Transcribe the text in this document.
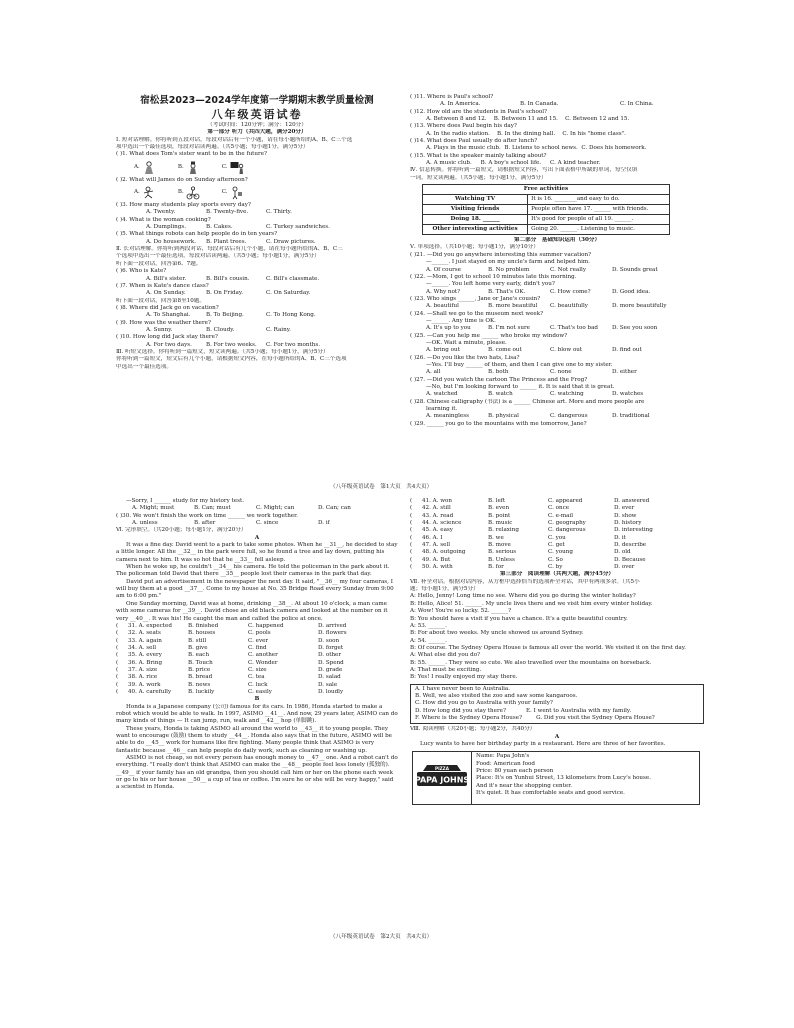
宿松县2023—2024学年度第一学期期末教学质量检测
八年级英语试卷
（考试时间：120分钟；满分：120分）
第一部分 听力（共四大题，满分20分）
Ⅰ. 短对话理解。你将听到五段对话，每段对话后有一个小题，请在每小题所给的A、B、C三个选
项中选出一个最佳选项，每段对话读两遍。（共5小题；每小题1分，满分5分）
( )1. What does Tom's sister want to be in the future?
A.	B.	C.
( )2. What will James do on Sunday afternoon?
A.	B.	C.
( )3. How many students play sports every day?
A. Twenty.	B. Twenty-five.	C. Thirty.
( )4. What is the woman cooking?
A. Dumplings.	B. Cakes.	C. Turkey sandwiches.
( )5. What things robots can help people do in ten years?
A. Do housework.	B. Plant trees.	C. Draw pictures.
Ⅱ. 长对话理解。你将听到两段对话，每段对话后有几个小题，请在每小题所给的A、B、C三
个选项中选出一个最佳选项，每段对话读两遍。（共5小题；每小题1分，满分5分）
听下面一段对话，回答第6、7题。
( )6. Who is Kate?
A. Bill's sister.	B. Bill's cousin.	C. Bill's classmate.
( )7. When is Kate's dance class?
A. On Sunday.	B. On Friday.	C. On Saturday.
听下面一段对话，回答第8至10题。
( )8. Where did Jack go on vacation?
A. To Shanghai.	B. To Beijing.	C. To Hong Kong.
( )9. How was the weather there?
A. Sunny.	B. Cloudy.	C. Rainy.
( )10. How long did Jack stay there?
A. For two days.	B. For two weeks.	C. For two months.
Ⅲ. 听短文选择。你将听到一篇短文，短文读两遍。（共5小题；每小题1分，满分5分）
你将听到一篇短文，短文后有几个小题，请根据短文内容，在每小题所给的A、B、C三个选项
中选出一个最佳选项。
( )11. Where is Paul's school?
A. In America.	B. In Canada.	C. In China.
( )12. How old are the students in Paul's school?
A. Between 8 and 12. B. Between 11 and 15. C. Between 12 and 15.
( )13. Where does Paul begin his day?
A. In the radio station. B. In the dining hall. C. In his "home class".
( )14. What does Paul usually do after lunch?
A. Plays in the music club. B. Listens to school news. C. Does his homework.
( )15. What is the speaker mainly talking about?
A. A music club. B. A boy's school life. C. A kind teacher.
Ⅳ. 信息转换。你将听到一篇短文，请根据短文内容，写出下面表格中所缺的单词，每空仅填
一词。短文读两遍。（共5小题；每小题1分，满分5分）
Free activities	
Watching TV	It is 16. ________and easy to do.
Visiting friends	People often have 17. ______ with friends.
Doing 18. ______	It's good for people of all 19. ______.
Other interesting activities	Going 20. ______. Listening to music.
第二部分　基础知识运用（30分）
Ⅴ. 单项选择。（共10小题；每小题1分，满分10分）
( )21. —Did you go anywhere interesting this summer vacation?
—______. I just stayed on my uncle's farm and helped him.
A. Of course	B. No problem	C. Not really	D. Sounds great
( )22. —Mom, I got to school 10 minutes late this morning.
—______. You left home very early, didn't you?
A. Why not?	B. That's OK.	C. How come?	D. Good idea.
( )23. Who sings ______, Jane or Jane's cousin?
A. beautiful	B. more beautiful	C. beautifully	D. more beautifully
( )24. —Shall we go to the museum next week?
—______. Any time is OK.
A. It's up to you	B. I'm not sure	C. That's too bad	D. See you soon
( )25. —Can you help me ______ who broke my window?
—OK. Wait a minute, please.
A. bring out	B. come out	C. blow out	D. find out
( )26. —Do you like the two hats, Lisa?
—Yes. I'll buy ______ of them, and then I can give one to my sister.
A. all	B. both	C. none	D. either
( )27. —Did you watch the cartoon The Princess and the Frog?
—No, but I'm looking forward to ______ it. It is said that it is great.
A. watched	B. watch	C. watching	D. watches
( )28. Chinese calligraphy (书法) is a ______ Chinese art. More and more people are
learning it.
A. meaningless	B. physical	C. dangerous	D. traditional
( )29. ______ you go to the mountains with me tomorrow, Jane?
（八年级英语试卷　第1大页　共4大页）
—Sorry, I ______ study for my history test.
A. Might; must	B. Can; must	C. Might; can	D. Can; can
( )30. We won't finish the work on time ______ we work together.
A. unless	B. after	C. since	D. if
Ⅵ. 完形填空。（共20小题；每小题1分，满分20分）
A
It was a fine day. David went to a park to take some photos. When he __31__, he decided to stay a little longer. All the __32__ in the park were full, so he found a tree and lay down, putting his camera next to him. It was so hot that he __33__ fell asleep.
When he woke up, he couldn't __34__ his camera. He told the policeman in the park about it. The policeman told David that there __35__ people lost their cameras in the park that day.
David put an advertisement in the newspaper the next day. It said, "__36__ my four cameras, I will buy them at a good __37__. Come to my house at No. 35 Bridge Road every Sunday from 9:00 am to 6:00 pm."
One Sunday morning, David was at home, drinking __38__. At about 10 o'clock, a man came with some cameras for __39__. David chose an old black camera and looked at the number on it very __40__. It was his! He caught the man and called the police at once.
(	31. A. expected	B. finished	C. happened	D. arrived
(	32. A. seats	B. houses	C. pools	D. flowers
(	33. A. again	B. still	C. ever	D. soon
(	34. A. sell	B. give	C. find	D. forget
(	35. A. every	B. each	C. another	D. other
(	36. A. Bring	B. Touch	C. Wonder	D. Spend
(	37. A. size	B. price	C. size	D. grade
(	38. A. rice	B. bread	C. tea	D. salad
(	39. A. work	B. news	C. luck	D. sale
(	40. A. carefully	B. luckily	C. easily	D. loudly
B
Honda is a Japanese company (公司) famous for its cars. In 1986, Honda started to make a robot which would be able to walk. In 1997, ASIMO __41__. And now, 29 years later, ASIMO can do many kinds of things — It can jump, run, walk and __42__ hop (单脚跳).
These years, Honda is taking ASIMO all around the world to __43__ it to young people. They want to encourage (鼓励) them to study __44__. Honda also says that in the future, ASIMO will be able to do __45__ work for humans like fire fighting. Many people think that ASIMO is very fantastic because __46__ can help people do daily work, such as cleaning or washing up.
ASIMO is not cheap, so not every person has enough money to __47__ one. And a robot can't do everything. "I really don't think that ASIMO can make the __48__ people feel less lonely (孤独的). __49__ if your family has an old grandpa, then you should call him or her on the phone each week or go to his or her house __50__ a cup of tea or coffee. I'm sure he or she will be very happy," said a scientist in Honda.
（八年级英语试卷　第2大页　共4大页）
(	41. A. won	B. left	C. appeared	D. answered
(	42. A. still	B. even	C. once	D. ever
(	43. A. read	B. point	C. e-mail	D. show
(	44. A. science	B. music	C. geography	D. history
(	45. A. easy	B. relaxing	C. dangerous	D. interesting
(	46. A. I	B. we	C. you	D. it
(	47. A. sell	B. move	C. get	D. describe
(	48. A. outgoing	B. serious	C. young	D. old
(	49. A. But	B. Unless	C. So	D. Because
(	50. A. with	B. for	C. by	D. over
第三部分　阅读理解（共两大题，满分45分）
Ⅶ. 补全对话。根据对话内容，从方框中选择恰当的选项补全对话，其中有两项多余。（共5小
题；每小题1分，满分5分）
A: Hello, Jenny! Long time no see. Where did you go during the winter holiday?
B: Hello, Alice! 51. ______. My uncle lives there and we visit him every winter holiday.
A: Wow! You're so lucky. 52. ______?
B: You should have a visit if you have a chance. It's a quite beautiful country.
A: 53. ______.
B: For about two weeks. My uncle showed us around Sydney.
A: 54. ______.
B: Of course. The Sydney Opera House is famous all over the world. We visited it on the first day.
A: What else did you do?
B: 55. ______. They were so cute. We also travelled over the mountains on horseback.
A: That must be exciting.
B: Yes! I really enjoyed my stay there.
A. I have never been to Australia.
B. Well, we also visited the zoo and saw some kangaroos.
C. How did you go to Australia with your family?
D. How long did you stay there?	E. I went to Australia with my family.
F. Where is the Sydney Opera House?	G. Did you visit the Sydney Opera House?
Ⅷ. 阅读理解（共20小题；每小题2分，共40分）
A
Lucy wants to have her birthday party in a restaurant. Here are three of her favorites.
PIZZA
PAPA JOHNS
Name: Papa John's
Food: American food
Price: 80 yuan each person
Place: It's on Yunhui Street, 13 kilometers from Lucy's house.
And it's near the shopping center.
It's quiet. It has comfortable seats and good service.
